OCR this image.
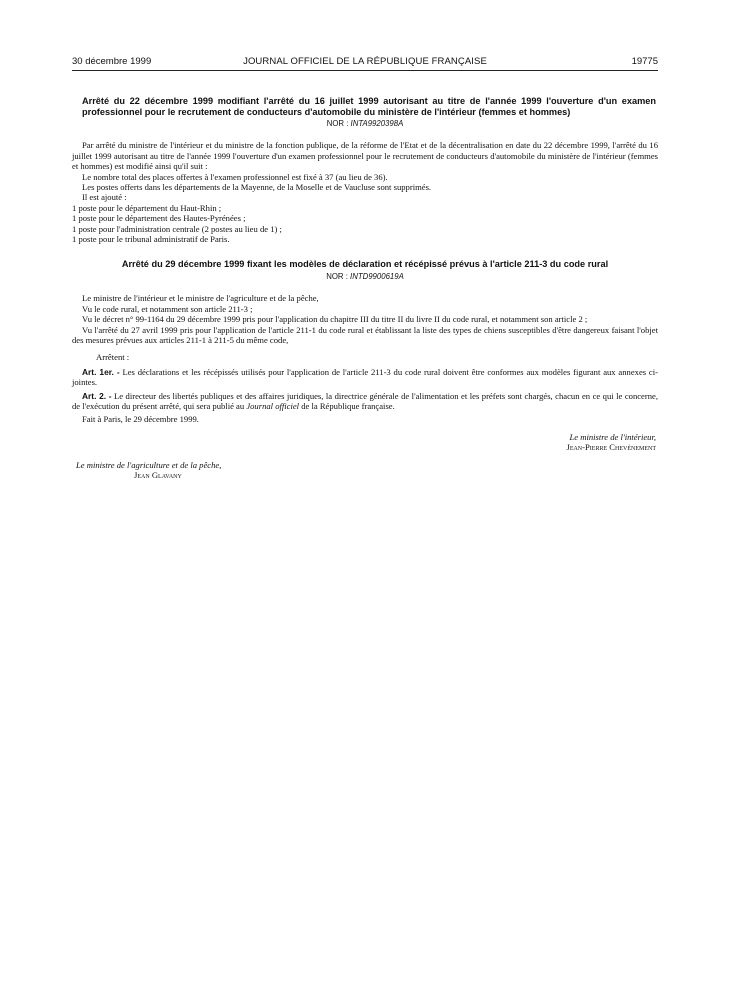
30 décembre 1999	JOURNAL OFFICIEL DE LA RÉPUBLIQUE FRANÇAISE	19775
Arrêté du 22 décembre 1999 modifiant l'arrêté du 16 juillet 1999 autorisant au titre de l'année 1999 l'ouverture d'un examen professionnel pour le recrutement de conducteurs d'automobile du ministère de l'intérieur (femmes et hommes)
NOR : INTA9920398A

Par arrêté du ministre de l'intérieur et du ministre de la fonction publique, de la réforme de l'Etat et de la décentralisation en date du 22 décembre 1999, l'arrêté du 16 juillet 1999 autorisant au titre de l'année 1999 l'ouverture d'un examen professionnel pour le recrutement de conducteurs d'automobile du ministère de l'intérieur (femmes et hommes) est modifié ainsi qu'il suit :

Le nombre total des places offertes à l'examen professionnel est fixé à 37 (au lieu de 36).

Les postes offerts dans les départements de la Mayenne, de la Moselle et de Vaucluse sont supprimés.

Il est ajouté :

1 poste pour le département du Haut-Rhin ;

1 poste pour le département des Hautes-Pyrénées ;

1 poste pour l'administration centrale (2 postes au lieu de 1) ;

1 poste pour le tribunal administratif de Paris.

Arrêté du 29 décembre 1999 fixant les modèles de déclaration et récépissé prévus à l'article 211-3 du code rural
NOR : INTD9900619A

Le ministre de l'intérieur et le ministre de l'agriculture et de la pêche,

Vu le code rural, et notamment son article 211-3 ;

Vu le décret n° 99-1164 du 29 décembre 1999 pris pour l'application du chapitre III du titre II du livre II du code rural, et notamment son article 2 ;

Vu l'arrêté du 27 avril 1999 pris pour l'application de l'article 211-1 du code rural et établissant la liste des types de chiens susceptibles d'être dangereux faisant l'objet des mesures prévues aux articles 211-1 à 211-5 du même code,

Arrêtent :

Art. 1er. - Les déclarations et les récépissés utilisés pour l'application de l'article 211-3 du code rural doivent être conformes aux modèles figurant aux annexes ci-jointes.

Art. 2. - Le directeur des libertés publiques et des affaires juridiques, la directrice générale de l'alimentation et les préfets sont chargés, chacun en ce qui le concerne, de l'exécution du présent arrêté, qui sera publié au Journal officiel de la République française.

Fait à Paris, le 29 décembre 1999.

Le ministre de l'intérieur,
Jean-Pierre Chevènement
Le ministre de l'agriculture et de la pêche,
Jean Glavany
